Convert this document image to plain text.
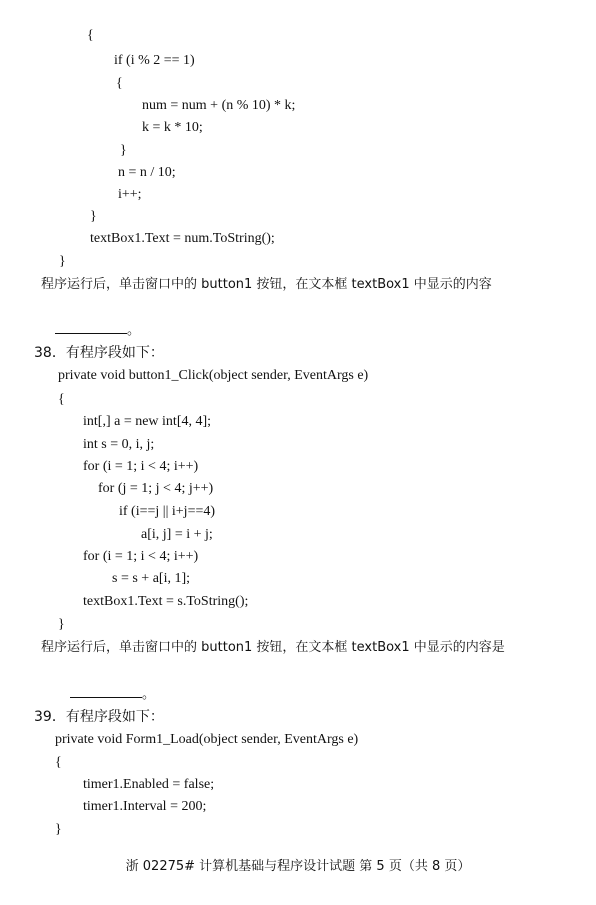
{
if (i % 2 == 1)
{
num = num + (n % 10) * k;
k = k * 10;
}
n = n / 10;
i++;
}
textBox1.Text = num.ToString();
}
程序运行后，单击窗口中的 button1 按钮，在文本框 textBox1 中显示的内容

。

38．有程序段如下：
private void button1_Click(object sender, EventArgs e)
{
int[,] a = new int[4, 4];
int s = 0, i, j;
for (i = 1; i < 4; i++)
for (j = 1; j < 4; j++)
if (i==j || i+j==4)
a[i, j] = i + j;
for (i = 1; i < 4; i++)
s = s + a[i, 1];
textBox1.Text = s.ToString();
}
程序运行后，单击窗口中的 button1 按钮，在文本框 textBox1 中显示的内容是

。

39．有程序段如下：
private void Form1_Load(object sender, EventArgs e)
{
timer1.Enabled = false;
timer1.Interval = 200;
}
浙 02275# 计算机基础与程序设计试题 第 5 页（共 8 页）
